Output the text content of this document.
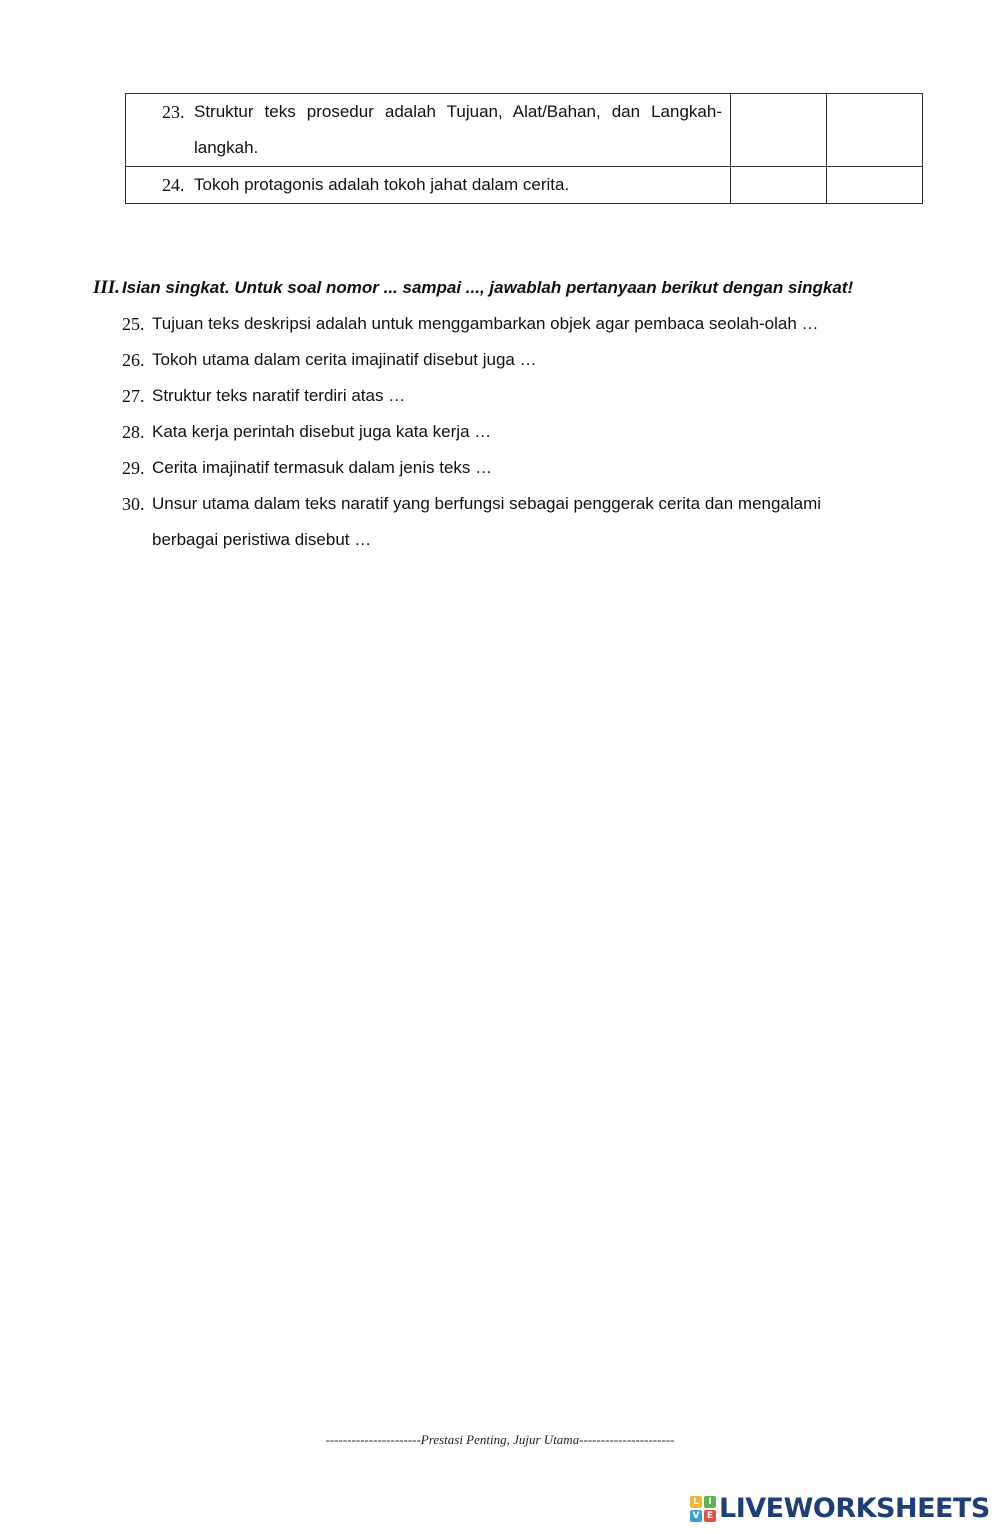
23. Struktur teks prosedur adalah Tujuan, Alat/Bahan, dan Langkah-langkah.		

24. Tokoh protagonis adalah tokoh jahat dalam cerita.		

III. Isian singkat. Untuk soal nomor ... sampai ..., jawablah pertanyaan berikut dengan singkat!
25. Tujuan teks deskripsi adalah untuk menggambarkan objek agar pembaca seolah-olah …
26. Tokoh utama dalam cerita imajinatif disebut juga …
27. Struktur teks naratif terdiri atas …
28. Kata kerja perintah disebut juga kata kerja …
29. Cerita imajinatif termasuk dalam jenis teks …
30. Unsur utama dalam teks naratif yang berfungsi sebagai penggerak cerita dan mengalami berbagai peristiwa disebut …
----------------------Prestasi Penting, Jujur Utama----------------------
L	I
V E LIVEWORKSHEETS
